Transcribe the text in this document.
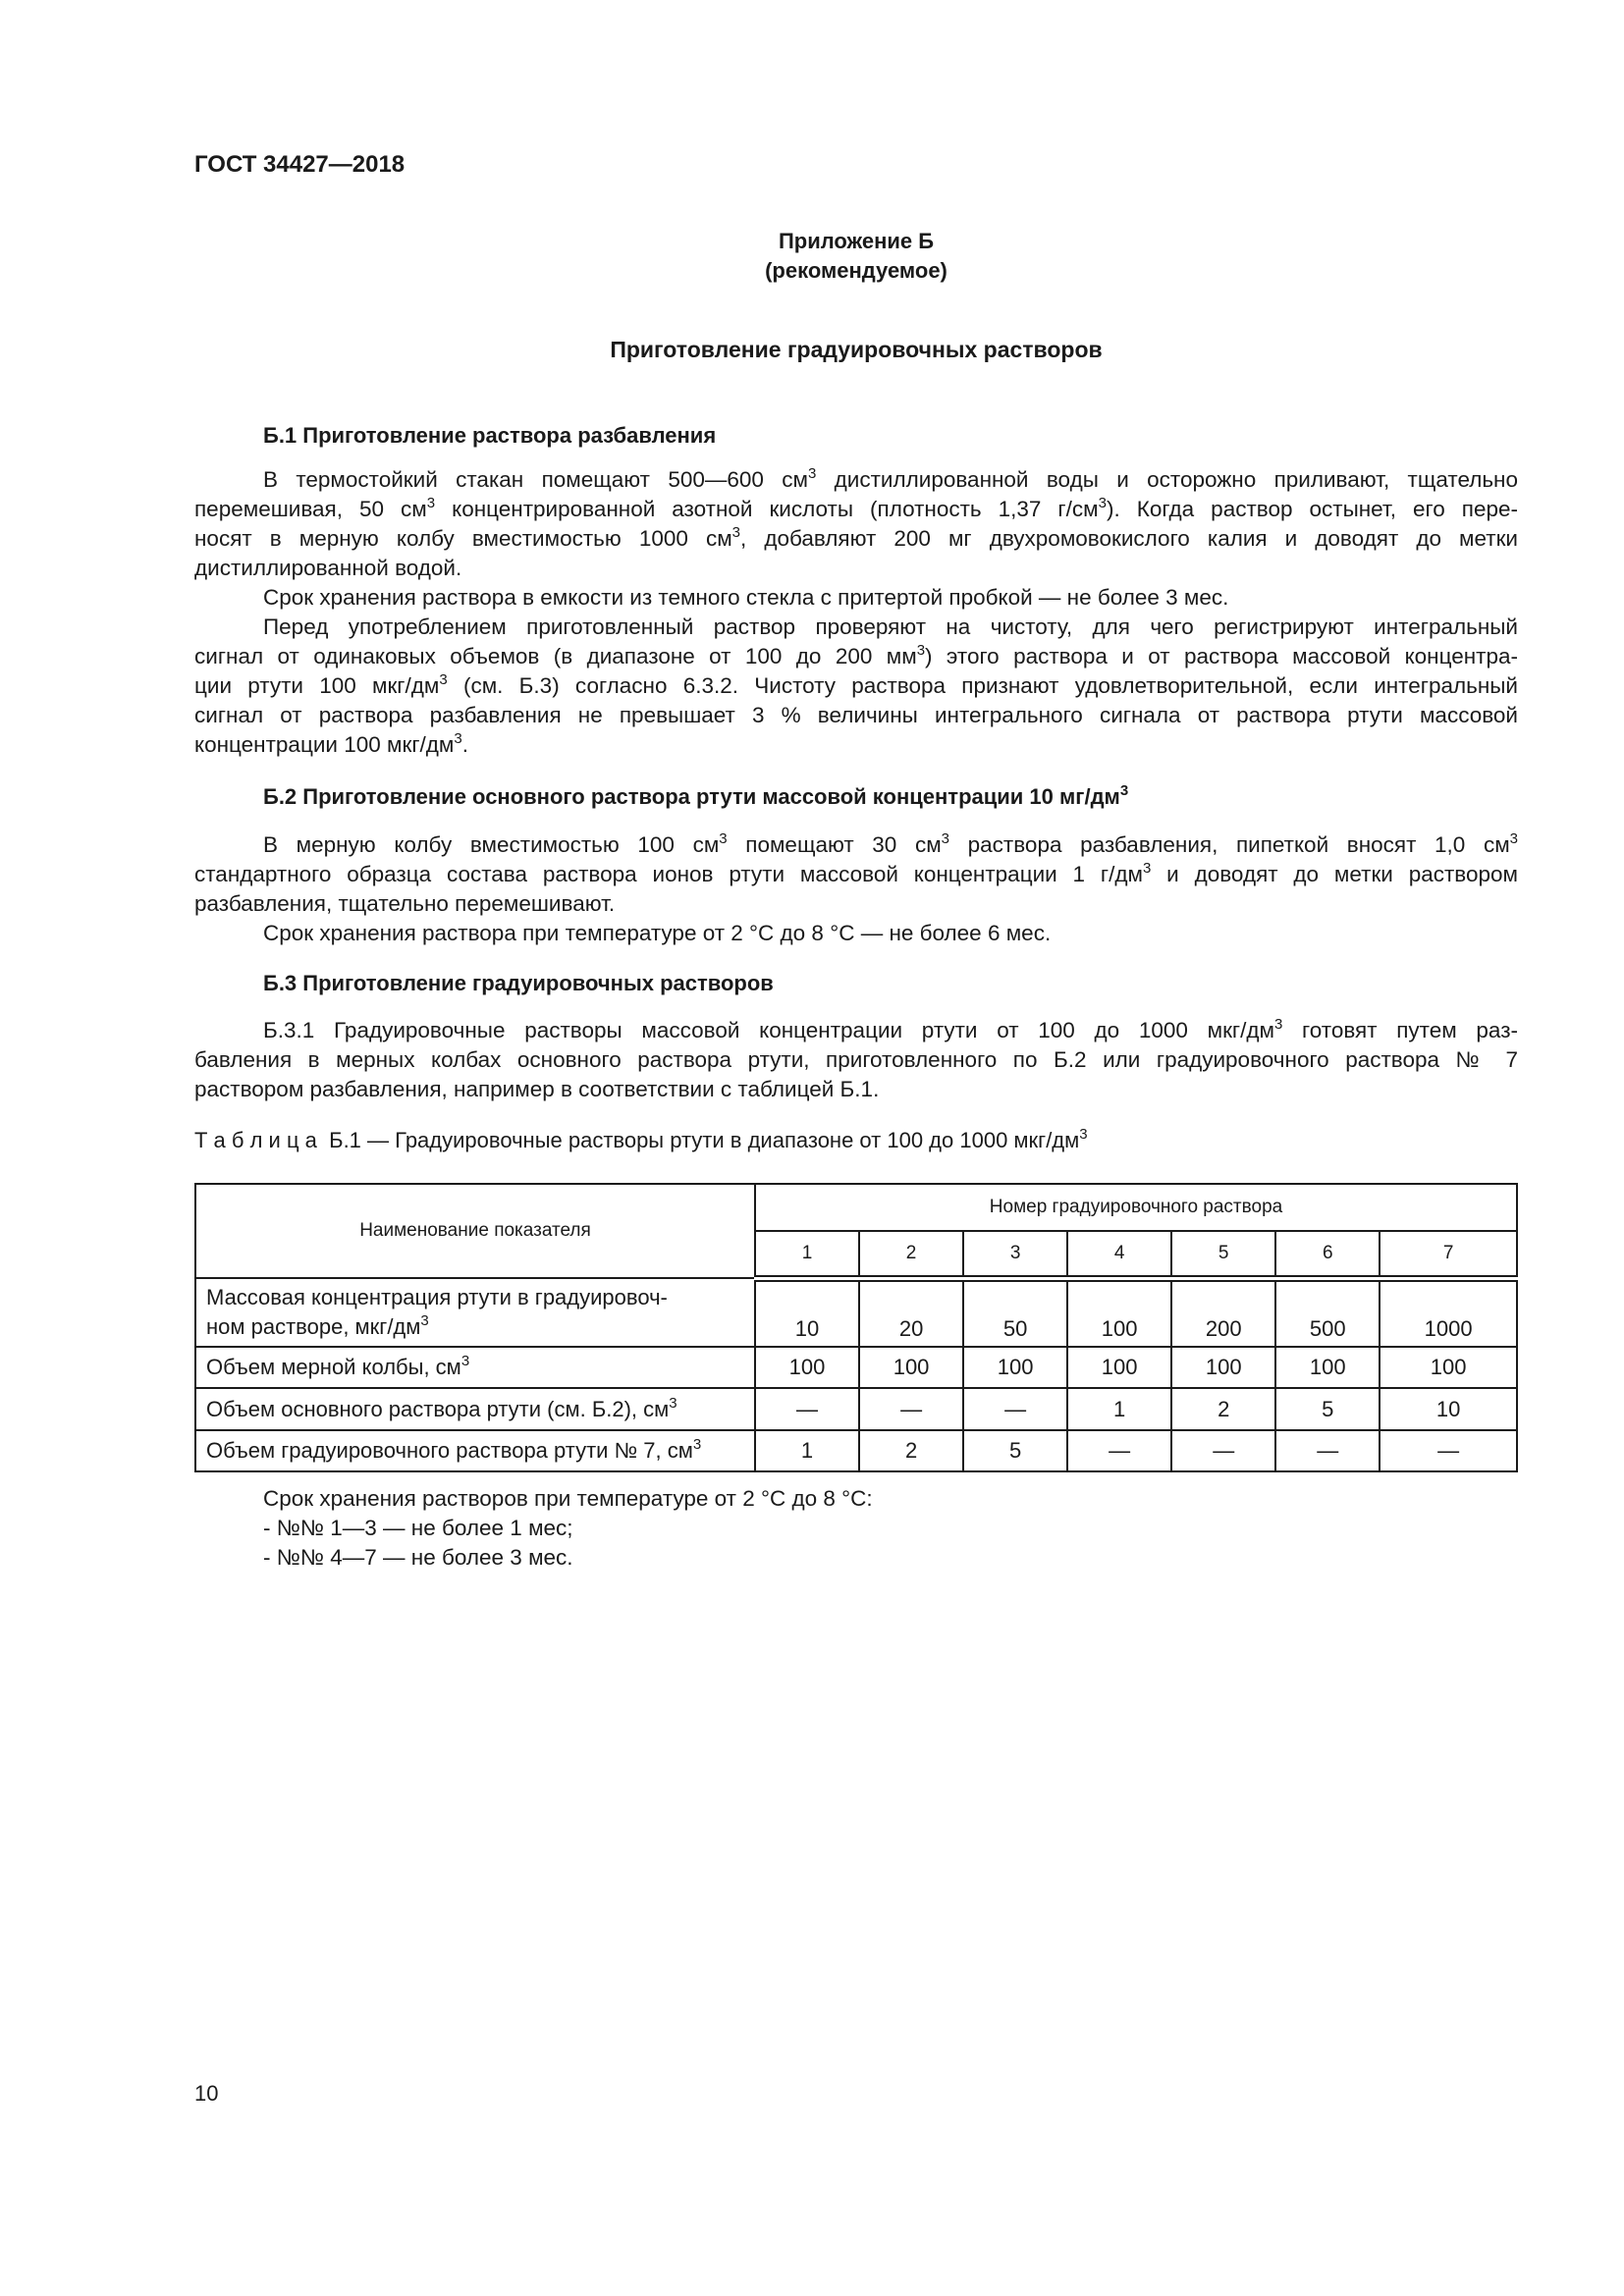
ГОСТ 34427—2018
Приложение Б
(рекомендуемое)
Приготовление градуировочных растворов
Б.1 Приготовление раствора разбавления
В термостойкий стакан помещают 500—600 $см^3$ дистиллированной воды и осторожно приливают, тщательно
перемешивая, 50 $см^3$ концентрированной азотной кислоты (плотность 1,37 $г/см^3$). Когда раствор остынет, его пере-
носят в мерную колбу вместимостью 1000 $см^3$, добавляют 200 мг двухромовокислого калия и доводят до метки
дистиллированной водой.
Срок хранения раствора в емкости из темного стекла с притертой пробкой — не более 3 мес.
Перед употреблением приготовленный раствор проверяют на чистоту, для чего регистрируют интегральный
сигнал от одинаковых объемов (в диапазоне от 100 до 200 $мм^3$) этого раствора и от раствора массовой концентра-
ции ртути 100 мкг/$дм^3$ (см. Б.3) согласно 6.3.2. Чистоту раствора признают удовлетворительной, если интегральный
сигнал от раствора разбавления не превышает 3 % величины интегрального сигнала от раствора ртути массовой
концентрации 100 мкг/$дм^3$.
Б.2 Приготовление основного раствора ртути массовой концентрации 10 $мг/дм^3$
В мерную колбу вместимостью 100 $см^3$ помещают 30 $см^3$ раствора разбавления, пипеткой вносят 1,0 $см^3$
стандартного образца состава раствора ионов ртути массовой концентрации 1 $г/дм^3$ и доводят до метки раствором
разбавления, тщательно перемешивают.
Срок хранения раствора при температуре от 2 °С до 8 °С — не более 6 мес.
Б.3 Приготовление градуировочных растворов
Б.3.1 Градуировочные растворы массовой концентрации ртути от 100 до 1000 мкг/$дм^3$ готовят путем раз-
бавления в мерных колбах основного раствора ртути, приготовленного по Б.2 или градуировочного раствора № 7
раствором разбавления, например в соответствии с таблицей Б.1.
Т а б л и ц а  Б.1 — Градуировочные растворы ртути в диапазоне от 100 до 1000 мкг/$дм^3$
Наименование показателя	Номер градуировочного раствора						
	1	2	3	4	5	6	7
Массовая концентрация ртути в градуировоч-
ном растворе, мкг/$дм^3$	10	20	50	100	200	500	1000
Объем мерной колбы, $см^3$	100	100	100	100	100	100	100
Объем основного раствора ртути (см. Б.2), $см^3$	—	—	—	1	2	5	10
Объем градуировочного раствора ртути № 7, $см^3$	1	2	5	—	—	—	—
Срок хранения растворов при температуре от 2 °С до 8 °С:
- №№ 1—3 — не более 1 мес;
- №№ 4—7 — не более 3 мес.
10
